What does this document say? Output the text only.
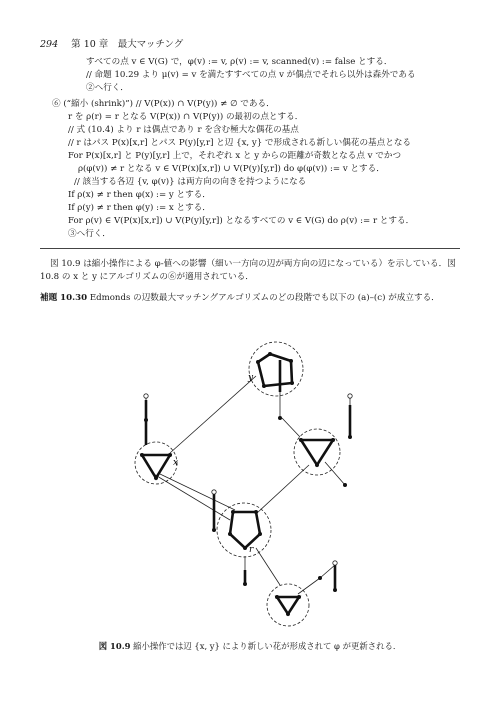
294 第 10 章　最大マッチング
すべての点 v ∈ V(G) で，φ(v) := v, ρ(v) := v, scanned(v) := false とする．
// 命題 10.29 より μ(v) = v を満たすすべての点 v が偶点でそれら以外は森外である
②へ行く．
⑥ (“縮小 (shrink)”) // V(P(x)) ∩ V(P(y)) ≠ ∅ である．
r を ρ(r) = r となる V(P(x)) ∩ V(P(y)) の最初の点とする．
// 式 (10.4) より r は偶点であり r を含む極大な偶花の基点
// r はパス P(x)[x,r] とパス P(y)[y,r] と辺 {x, y} で形成される新しい偶花の基点となる
For P(x)[x,r] と P(y)[y,r] 上で，それぞれ x と y からの距離が奇数となる点 v でかつ
ρ(φ(v)) ≠ r となる v ∈ V(P(x)[x,r]) ∪ V(P(y)[y,r]) do φ(φ(v)) := v とする．
// 該当する各辺 {v, φ(v)} は両方向の向きを持つようになる
If ρ(x) ≠ r then φ(x) := y とする．
If ρ(y) ≠ r then φ(y) := x とする．
For ρ(v) ∈ V(P(x)[x,r]) ∪ V(P(y)[y,r]) となるすべての v ∈ V(G) do ρ(v) := r とする．
③へ行く．
図 10.9 は縮小操作による φ-値への影響（細い一方向の辺が両方向の辺になっている）を示している．図 10.8 の x と y にアルゴリズムの⑥が適用されている．
補題 10.30 Edmonds の辺数最大マッチングアルゴリズムのどの段階でも以下の (a)–(c) が成立する．
x
y
r
図 10.9 縮小操作では辺 {x, y} により新しい花が形成されて φ が更新される．
